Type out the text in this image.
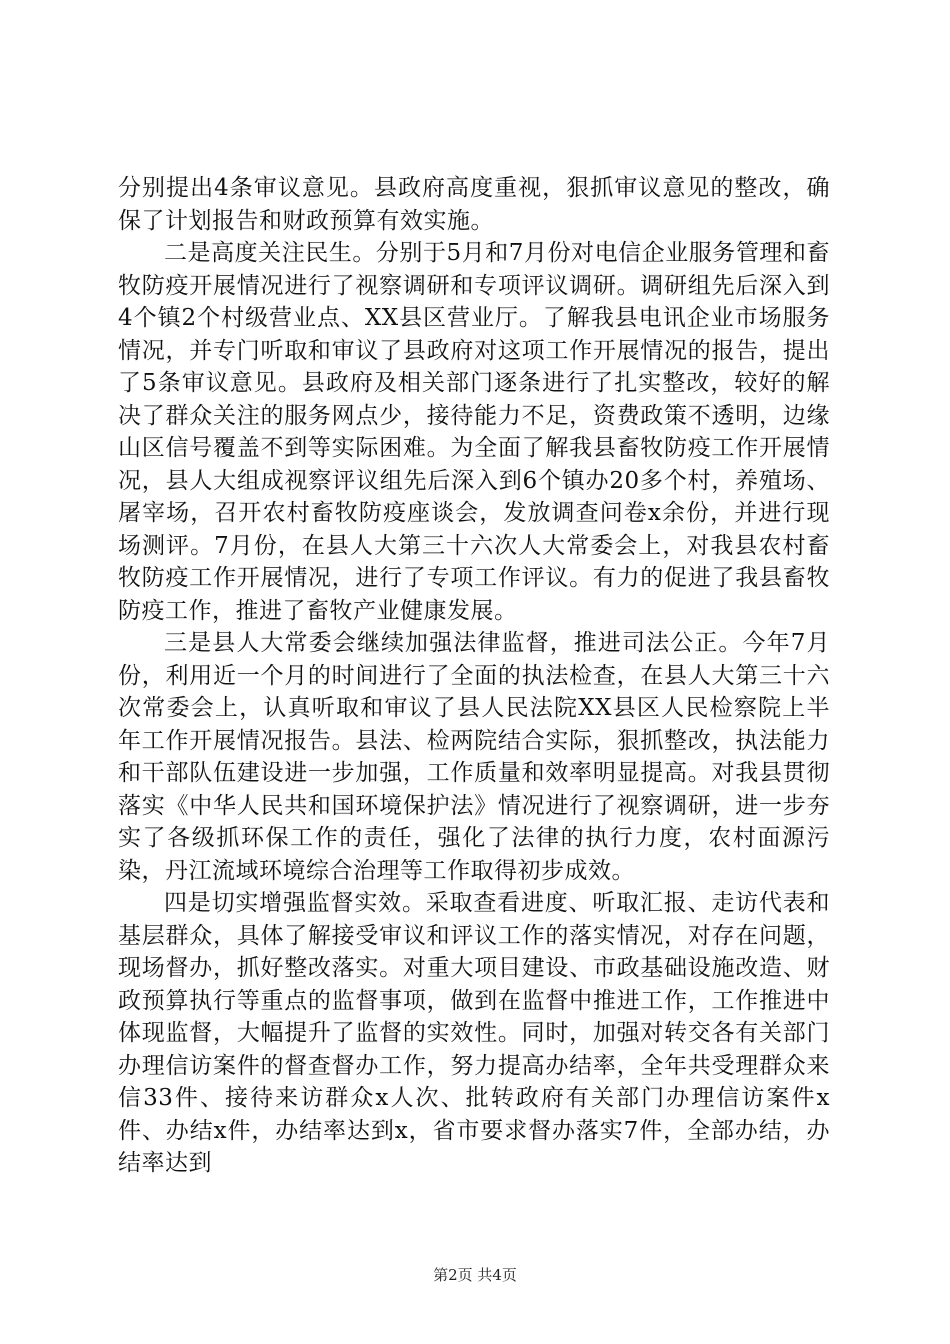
分别提出4条审议意见。县政府高度重视，狠抓审议意见的整改，确保了计划报告和财政预算有效实施。

二是高度关注民生。分别于5月和7月份对电信企业服务管理和畜牧防疫开展情况进行了视察调研和专项评议调研。调研组先后深入到4个镇2个村级营业点、XX县区营业厅。了解我县电讯企业市场服务情况，并专门听取和审议了县政府对这项工作开展情况的报告，提出了5条审议意见。县政府及相关部门逐条进行了扎实整改，较好的解决了群众关注的服务网点少，接待能力不足，资费政策不透明，边缘山区信号覆盖不到等实际困难。为全面了解我县畜牧防疫工作开展情况，县人大组成视察评议组先后深入到6个镇办20多个村，养殖场、屠宰场，召开农村畜牧防疫座谈会，发放调查问卷x余份，并进行现场测评。7月份，在县人大第三十六次人大常委会上，对我县农村畜牧防疫工作开展情况，进行了专项工作评议。有力的促进了我县畜牧防疫工作，推进了畜牧产业健康发展。

三是县人大常委会继续加强法律监督，推进司法公正。今年7月份，利用近一个月的时间进行了全面的执法检查，在县人大第三十六次常委会上，认真听取和审议了县人民法院XX县区人民检察院上半年工作开展情况报告。县法、检两院结合实际，狠抓整改，执法能力和干部队伍建设进一步加强，工作质量和效率明显提高。对我县贯彻落实《中华人民共和国环境保护法》情况进行了视察调研，进一步夯实了各级抓环保工作的责任，强化了法律的执行力度，农村面源污染，丹江流域环境综合治理等工作取得初步成效。

四是切实增强监督实效。采取查看进度、听取汇报、走访代表和基层群众，具体了解接受审议和评议工作的落实情况，对存在问题，现场督办，抓好整改落实。对重大项目建设、市政基础设施改造、财政预算执行等重点的监督事项，做到在监督中推进工作，工作推进中体现监督，大幅提升了监督的实效性。同时，加强对转交各有关部门办理信访案件的督查督办工作，努力提高办结率，全年共受理群众来信33件、接待来访群众x人次、批转政府有关部门办理信访案件x件、办结x件，办结率达到x，省市要求督办落实7件，全部办结，办结率达到

第2页 共4页
